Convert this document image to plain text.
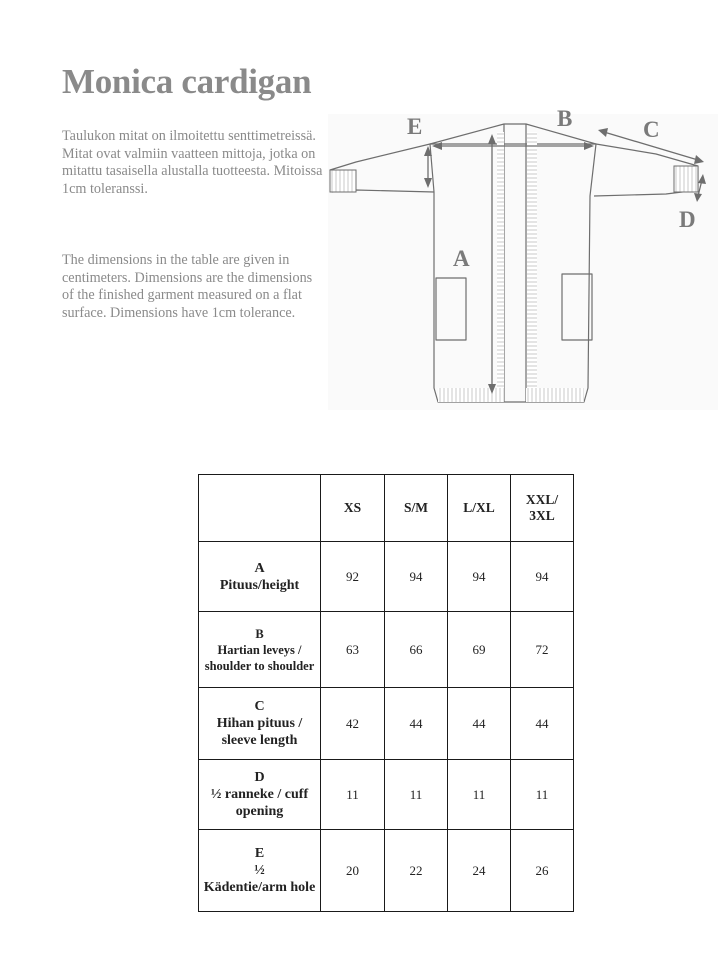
Monica cardigan

Taulukon mitat on ilmoitettu senttimetreissä. Mitat ovat valmiin vaatteen mittoja, jotka on mitattu tasaisella alustalla tuotteesta. Mitoissa 1cm toleranssi.

The dimensions in the table are given in centimeters. Dimensions are the dimensions of the finished garment measured on a flat surface. Dimensions have 1cm tolerance.

A
B	C
D
E
	XS	S/M	L/XL	XXL/ 3XL

A
Pituus/height	92	94	94	94

B
Hartian leveys / shoulder to shoulder	63	66	69	72

C
Hihan pituus / sleeve length	42	44	44	44

D
½ ranneke / cuff opening	11	11	11	11

E
½
Kädentie/arm hole	20	22	24	26
